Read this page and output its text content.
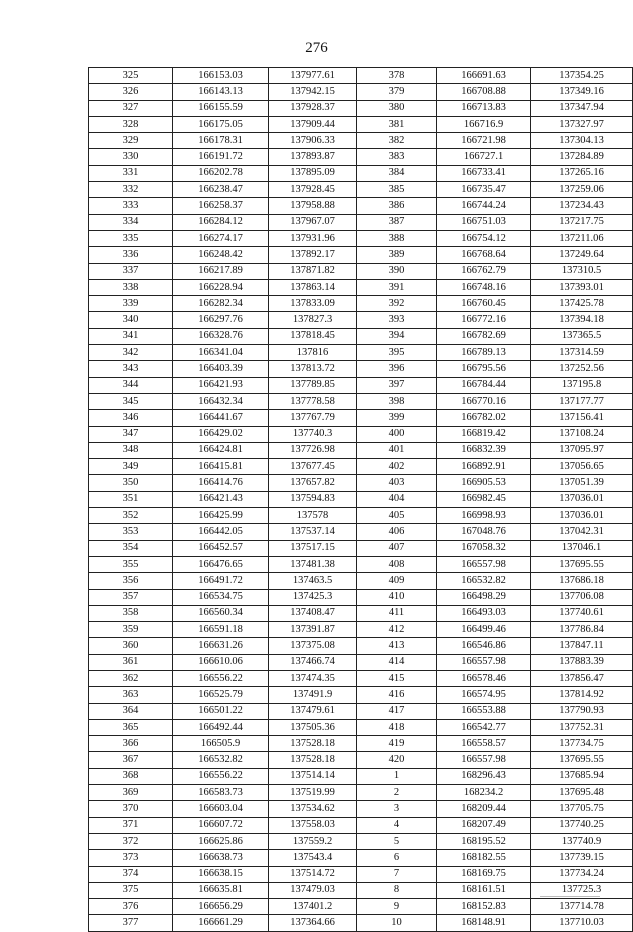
276
325	166153.03	137977.61	378	166691.63	137354.25
326	166143.13	137942.15	379	166708.88	137349.16
327	166155.59	137928.37	380	166713.83	137347.94
328	166175.05	137909.44	381	166716.9	137327.97
329	166178.31	137906.33	382	166721.98	137304.13
330	166191.72	137893.87	383	166727.1	137284.89
331	166202.78	137895.09	384	166733.41	137265.16
332	166238.47	137928.45	385	166735.47	137259.06
333	166258.37	137958.88	386	166744.24	137234.43
334	166284.12	137967.07	387	166751.03	137217.75
335	166274.17	137931.96	388	166754.12	137211.06
336	166248.42	137892.17	389	166768.64	137249.64
337	166217.89	137871.82	390	166762.79	137310.5
338	166228.94	137863.14	391	166748.16	137393.01
339	166282.34	137833.09	392	166760.45	137425.78
340	166297.76	137827.3	393	166772.16	137394.18
341	166328.76	137818.45	394	166782.69	137365.5
342	166341.04	137816	395	166789.13	137314.59
343	166403.39	137813.72	396	166795.56	137252.56
344	166421.93	137789.85	397	166784.44	137195.8
345	166432.34	137778.58	398	166770.16	137177.77
346	166441.67	137767.79	399	166782.02	137156.41
347	166429.02	137740.3	400	166819.42	137108.24
348	166424.81	137726.98	401	166832.39	137095.97
349	166415.81	137677.45	402	166892.91	137056.65
350	166414.76	137657.82	403	166905.53	137051.39
351	166421.43	137594.83	404	166982.45	137036.01
352	166425.99	137578	405	166998.93	137036.01
353	166442.05	137537.14	406	167048.76	137042.31
354	166452.57	137517.15	407	167058.32	137046.1
355	166476.65	137481.38	408	166557.98	137695.55
356	166491.72	137463.5	409	166532.82	137686.18
357	166534.75	137425.3	410	166498.29	137706.08
358	166560.34	137408.47	411	166493.03	137740.61
359	166591.18	137391.87	412	166499.46	137786.84
360	166631.26	137375.08	413	166546.86	137847.11
361	166610.06	137466.74	414	166557.98	137883.39
362	166556.22	137474.35	415	166578.46	137856.47
363	166525.79	137491.9	416	166574.95	137814.92
364	166501.22	137479.61	417	166553.88	137790.93
365	166492.44	137505.36	418	166542.77	137752.31
366	166505.9	137528.18	419	166558.57	137734.75
367	166532.82	137528.18	420	166557.98	137695.55
368	166556.22	137514.14	1	168296.43	137685.94
369	166583.73	137519.99	2	168234.2	137695.48
370	166603.04	137534.62	3	168209.44	137705.75
371	166607.72	137558.03	4	168207.49	137740.25
372	166625.86	137559.2	5	168195.52	137740.9
373	166638.73	137543.4	6	168182.55	137739.15
374	166638.15	137514.72	7	168169.75	137734.24
375	166635.81	137479.03	8	168161.51	137725.3
376	166656.29	137401.2	9	168152.83	137714.78
377	166661.29	137364.66	10	168148.91	137710.03
